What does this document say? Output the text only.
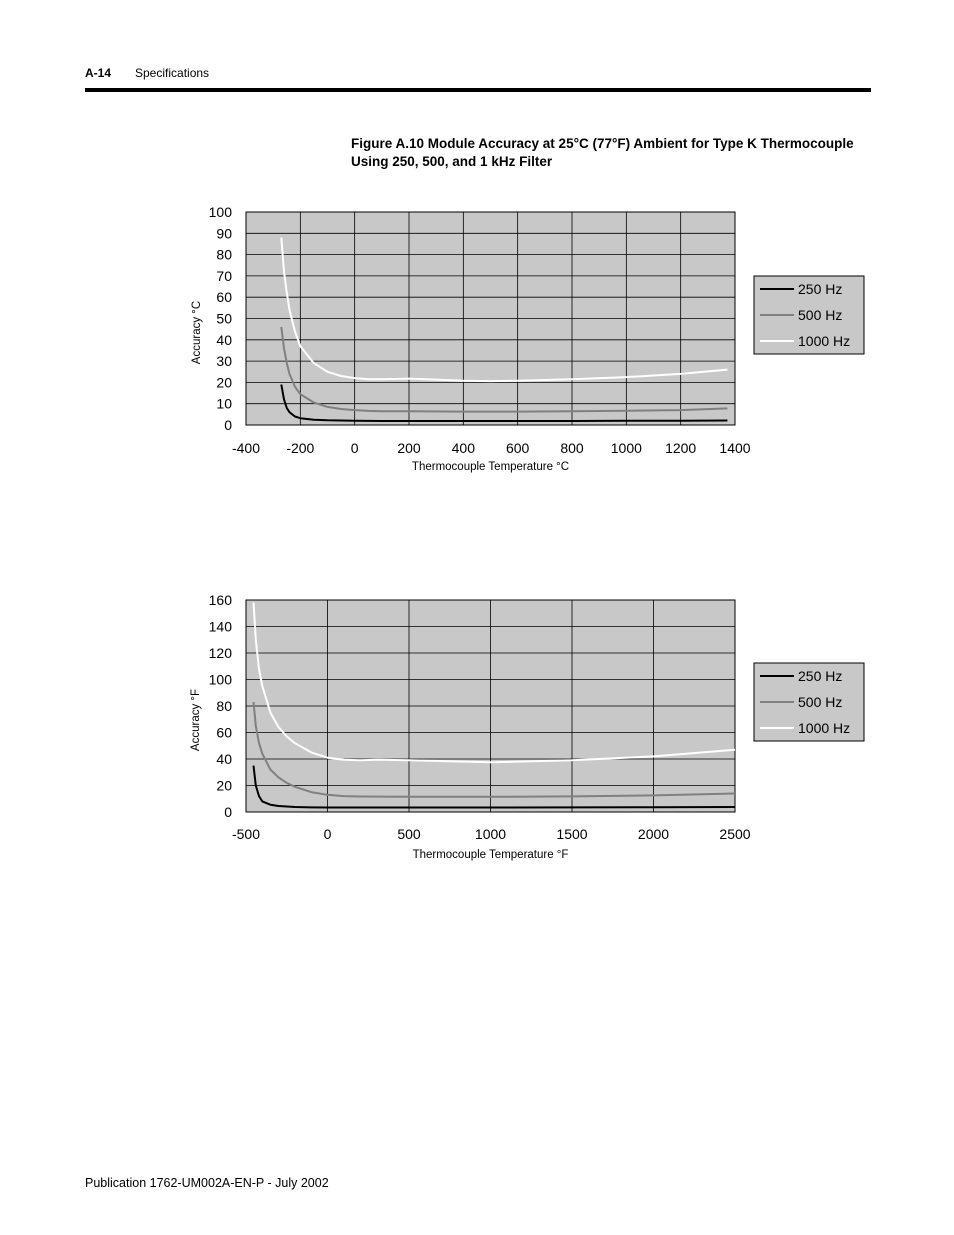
A-14 Specifications
Figure A.10 Module Accuracy at 25°C (77°F) Ambient for Type K Thermocouple
Using 250, 500, and 1 kHz Filter
0
10
20
30
40
50
60
70
80
90
100
-400 -200	0	200 400 600 800 1000 1200 1400
Thermocouple Temperature °C
Accuracy °C
250 Hz
500 Hz
1000 Hz
0
20
40
60
80
100
120
140
160
-500	0	500	1000	1500	2000	2500
Thermocouple Temperature °F
Accuracy °F
250 Hz
500 Hz
1000 Hz
Publication 1762-UM002A-EN-P - July 2002
